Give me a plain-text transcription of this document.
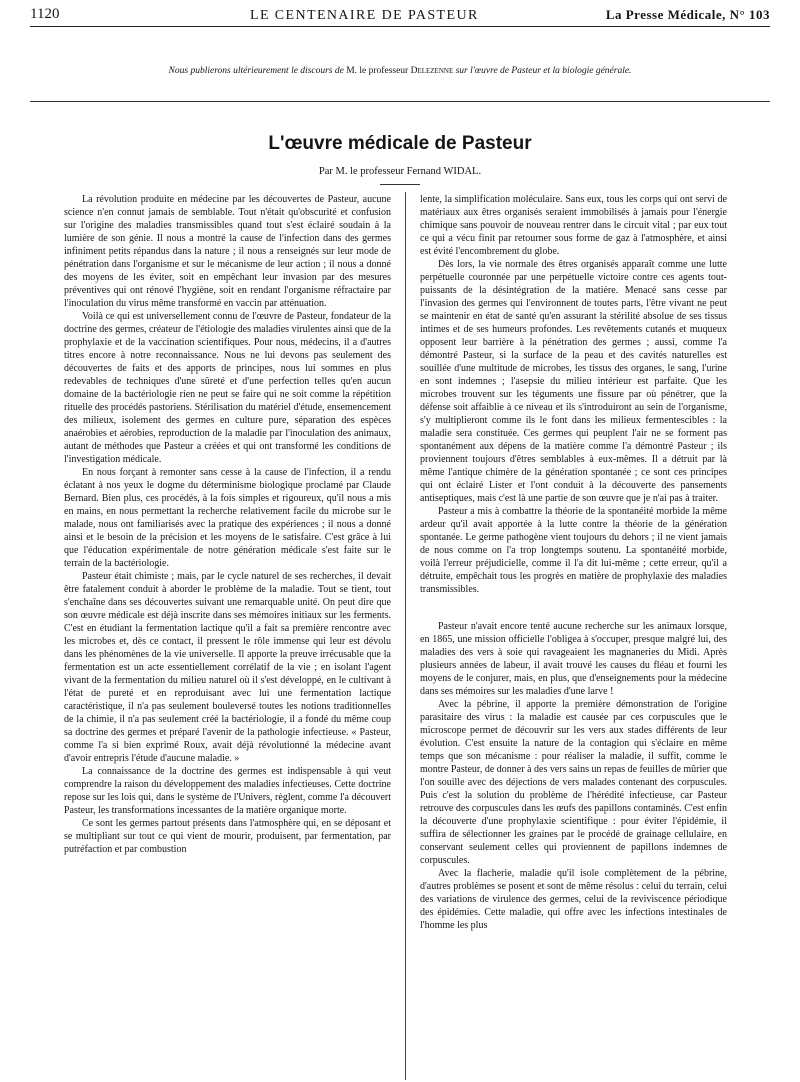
1120	LE CENTENAIRE DE PASTEUR	La Presse Médicale, N° 103
Nous publierons ultérieurement le discours de M. le professeur Delezenne sur l'œuvre de Pasteur et la biologie générale.
L'œuvre médicale de Pasteur
Par M. le professeur Fernand WIDAL.

La révolution produite en médecine par les découvertes de Pasteur, aucune science n'en connut jamais de semblable. Tout n'était qu'obscurité et confusion sur l'origine des maladies transmissibles quand tout s'est éclairé soudain à la lumière de son génie. Il nous a montré la cause de l'infection dans des germes infiniment petits répandus dans la nature ; il nous a renseignés sur leur mode de pénétration dans l'organisme et sur le mécanisme de leur action ; il nous a donné des moyens de les éviter, soit en empêchant leur invasion par des mesures préventives qui ont rénové l'hygiène, soit en rendant l'organisme réfractaire par l'inoculation du virus même transformé en vaccin par atténuation.

Voilà ce qui est universellement connu de l'œuvre de Pasteur, fondateur de la doctrine des germes, créateur de l'étiologie des maladies virulentes ainsi que de la prophylaxie et de la vaccination scientifiques. Pour nous, médecins, il a d'autres titres encore à notre reconnaissance. Nous ne lui devons pas seulement des découvertes de faits et des apports de principes, nous lui sommes en plus redevables de techniques d'une sûreté et d'une perfection telles qu'en aucun domaine de la bactériologie rien ne peut se faire qui ne soit comme la répétition rituelle des procédés pastoriens. Stérilisation du matériel d'étude, ensemencement des milieux, isolement des germes en culture pure, séparation des espèces anaérobies et aérobies, reproduction de la maladie par l'inoculation des animaux, autant de méthodes que Pasteur a créées et qui ont transformé les conditions de l'investigation médicale.

En nous forçant à remonter sans cesse à la cause de l'infection, il a rendu éclatant à nos yeux le dogme du déterminisme biologique proclamé par Claude Bernard. Bien plus, ces procédés, à la fois simples et rigoureux, qu'il nous a mis en mains, en nous permettant la recherche relativement facile du microbe sur le malade, nous ont familiarisés avec la pratique des expériences ; il nous a donné ainsi et le besoin de la précision et les moyens de le satisfaire. C'est grâce à lui que l'éducation expérimentale de notre génération médicale s'est faite sur le terrain de la bactériologie.

Pasteur était chimiste ; mais, par le cycle naturel de ses recherches, il devait être fatalement conduit à aborder le problème de la maladie. Tout se tient, tout s'enchaîne dans ses découvertes suivant une remarquable unité. On peut dire que son œuvre médicale est déjà inscrite dans ses mémoires initiaux sur les ferments. C'est en étudiant la fermentation lactique qu'il a fait sa première rencontre avec les microbes et, dès ce contact, il pressent le rôle immense qui leur est dévolu dans les phénomènes de la vie universelle. Il apporte la preuve irrécusable que la fermentation est un acte essentiellement corrélatif de la vie ; en isolant l'agent vivant de la fermentation du milieu naturel où il s'est développé, en le cultivant à l'état de pureté et en reproduisant avec lui une fermentation lactique caractéristique, il n'a pas seulement bouleversé toutes les notions traditionnelles de la chimie, il n'a pas seulement créé la bactériologie, il a fondé du même coup sa doctrine des germes et préparé l'avenir de la pathologie infectieuse. « Pasteur, comme l'a si bien exprimé Roux, avait déjà révolutionné la médecine avant d'avoir entrepris l'étude d'aucune maladie. »

La connaissance de la doctrine des germes est indispensable à qui veut comprendre la raison du développement des maladies infectieuses. Cette doctrine repose sur les lois qui, dans le système de l'Univers, règlent, comme l'a découvert Pasteur, les transformations incessantes de la matière organique morte.

Ce sont les germes partout présents dans l'atmosphère qui, en se déposant et se multipliant sur tout ce qui vient de mourir, produisent, par fermentation, par putréfaction et par combustion

lente, la simplification moléculaire. Sans eux, tous les corps qui ont servi de matériaux aux êtres organisés seraient immobilisés à jamais pour l'énergie chimique sans pouvoir de nouveau rentrer dans le circuit vital ; par eux tout ce qui a vécu finit par retourner sous forme de gaz à l'atmosphère, et ainsi est évité l'encombrement du globe.

Dès lors, la vie normale des êtres organisés apparaît comme une lutte perpétuelle couronnée par une perpétuelle victoire contre ces agents tout-puissants de la désintégration de la matière. Menacé sans cesse par l'invasion des germes qui l'environnent de toutes parts, l'être vivant ne peut se maintenir en état de santé qu'en assurant la stérilité absolue de ses tissus intimes et de ses humeurs profondes. Les revêtements cutanés et muqueux opposent leur barrière à la pénétration des germes ; aussi, comme l'a démontré Pasteur, si la surface de la peau et des cavités naturelles est souillée d'une multitude de microbes, les tissus des organes, le sang, l'urine en sont indemnes ; l'asepsie du milieu intérieur est parfaite. Que les microbes trouvent sur les téguments une fissure par où pénétrer, que la défense soit affaiblie à ce niveau et ils s'introduiront au sein de l'organisme, s'y multiplieront comme ils le font dans les milieux fermentescibles : la maladie sera constituée. Ces germes qui peuplent l'air ne se forment pas spontanément aux dépens de la matière comme l'a démontré Pasteur ; ils proviennent toujours d'êtres semblables à eux-mêmes. Il a détruit par là même l'antique chimère de la génération spontanée ; ce sont ces principes qui ont éclairé Lister et l'ont conduit à la découverte des pansements antiseptiques, mais c'est là une partie de son œuvre que je n'ai pas à traiter.

Pasteur a mis à combattre la théorie de la spontanéité morbide la même ardeur qu'il avait apportée à la lutte contre la théorie de la génération spontanée. Le germe pathogène vient toujours du dehors ; il ne vient jamais de nous comme on l'a trop longtemps soutenu. La spontanéité morbide, voilà l'erreur préjudicielle, comme il l'a dit lui-même ; cette erreur, qu'il a détruite, empêchait tous les progrès en matière de prophylaxie des maladies transmissibles.

Pasteur n'avait encore tenté aucune recherche sur les animaux lorsque, en 1865, une mission officielle l'obligea à s'occuper, presque malgré lui, des maladies des vers à soie qui ravageaient les magnaneries du Midi. Après plusieurs années de labeur, il avait trouvé les causes du fléau et fourni les moyens de le conjurer, mais, en plus, que d'enseignements pour la médecine dans ses mémoires sur les maladies d'une larve !

Avec la pébrine, il apporte la première démonstration de l'origine parasitaire des virus : la maladie est causée par ces corpuscules que le microscope permet de découvrir sur les vers aux stades différents de leur évolution. C'est ensuite la nature de la contagion qui s'éclaire en même temps que son mécanisme : pour réaliser la maladie, il suffit, comme le montre Pasteur, de donner à des vers sains un repas de feuilles de mûrier que l'on souille avec des déjections de vers malades contenant des corpuscules. Puis c'est la solution du problème de l'hérédité infectieuse, car Pasteur retrouve des corpuscules dans les œufs des papillons contaminés. C'est enfin la découverte d'une prophylaxie scientifique : pour éviter l'épidémie, il suffira de sélectionner les graines par le procédé de grainage cellulaire, en conservant seulement celles qui proviennent de papillons indemnes de corpuscules.

Avec la flacherie, maladie qu'il isole complètement de la pébrine, d'autres problèmes se posent et sont de même résolus : celui du terrain, celui des variations de virulence des germes, celui de la reviviscence périodique des épidémies. Cette maladie, qui offre avec les infections intestinales de l'homme les plus
